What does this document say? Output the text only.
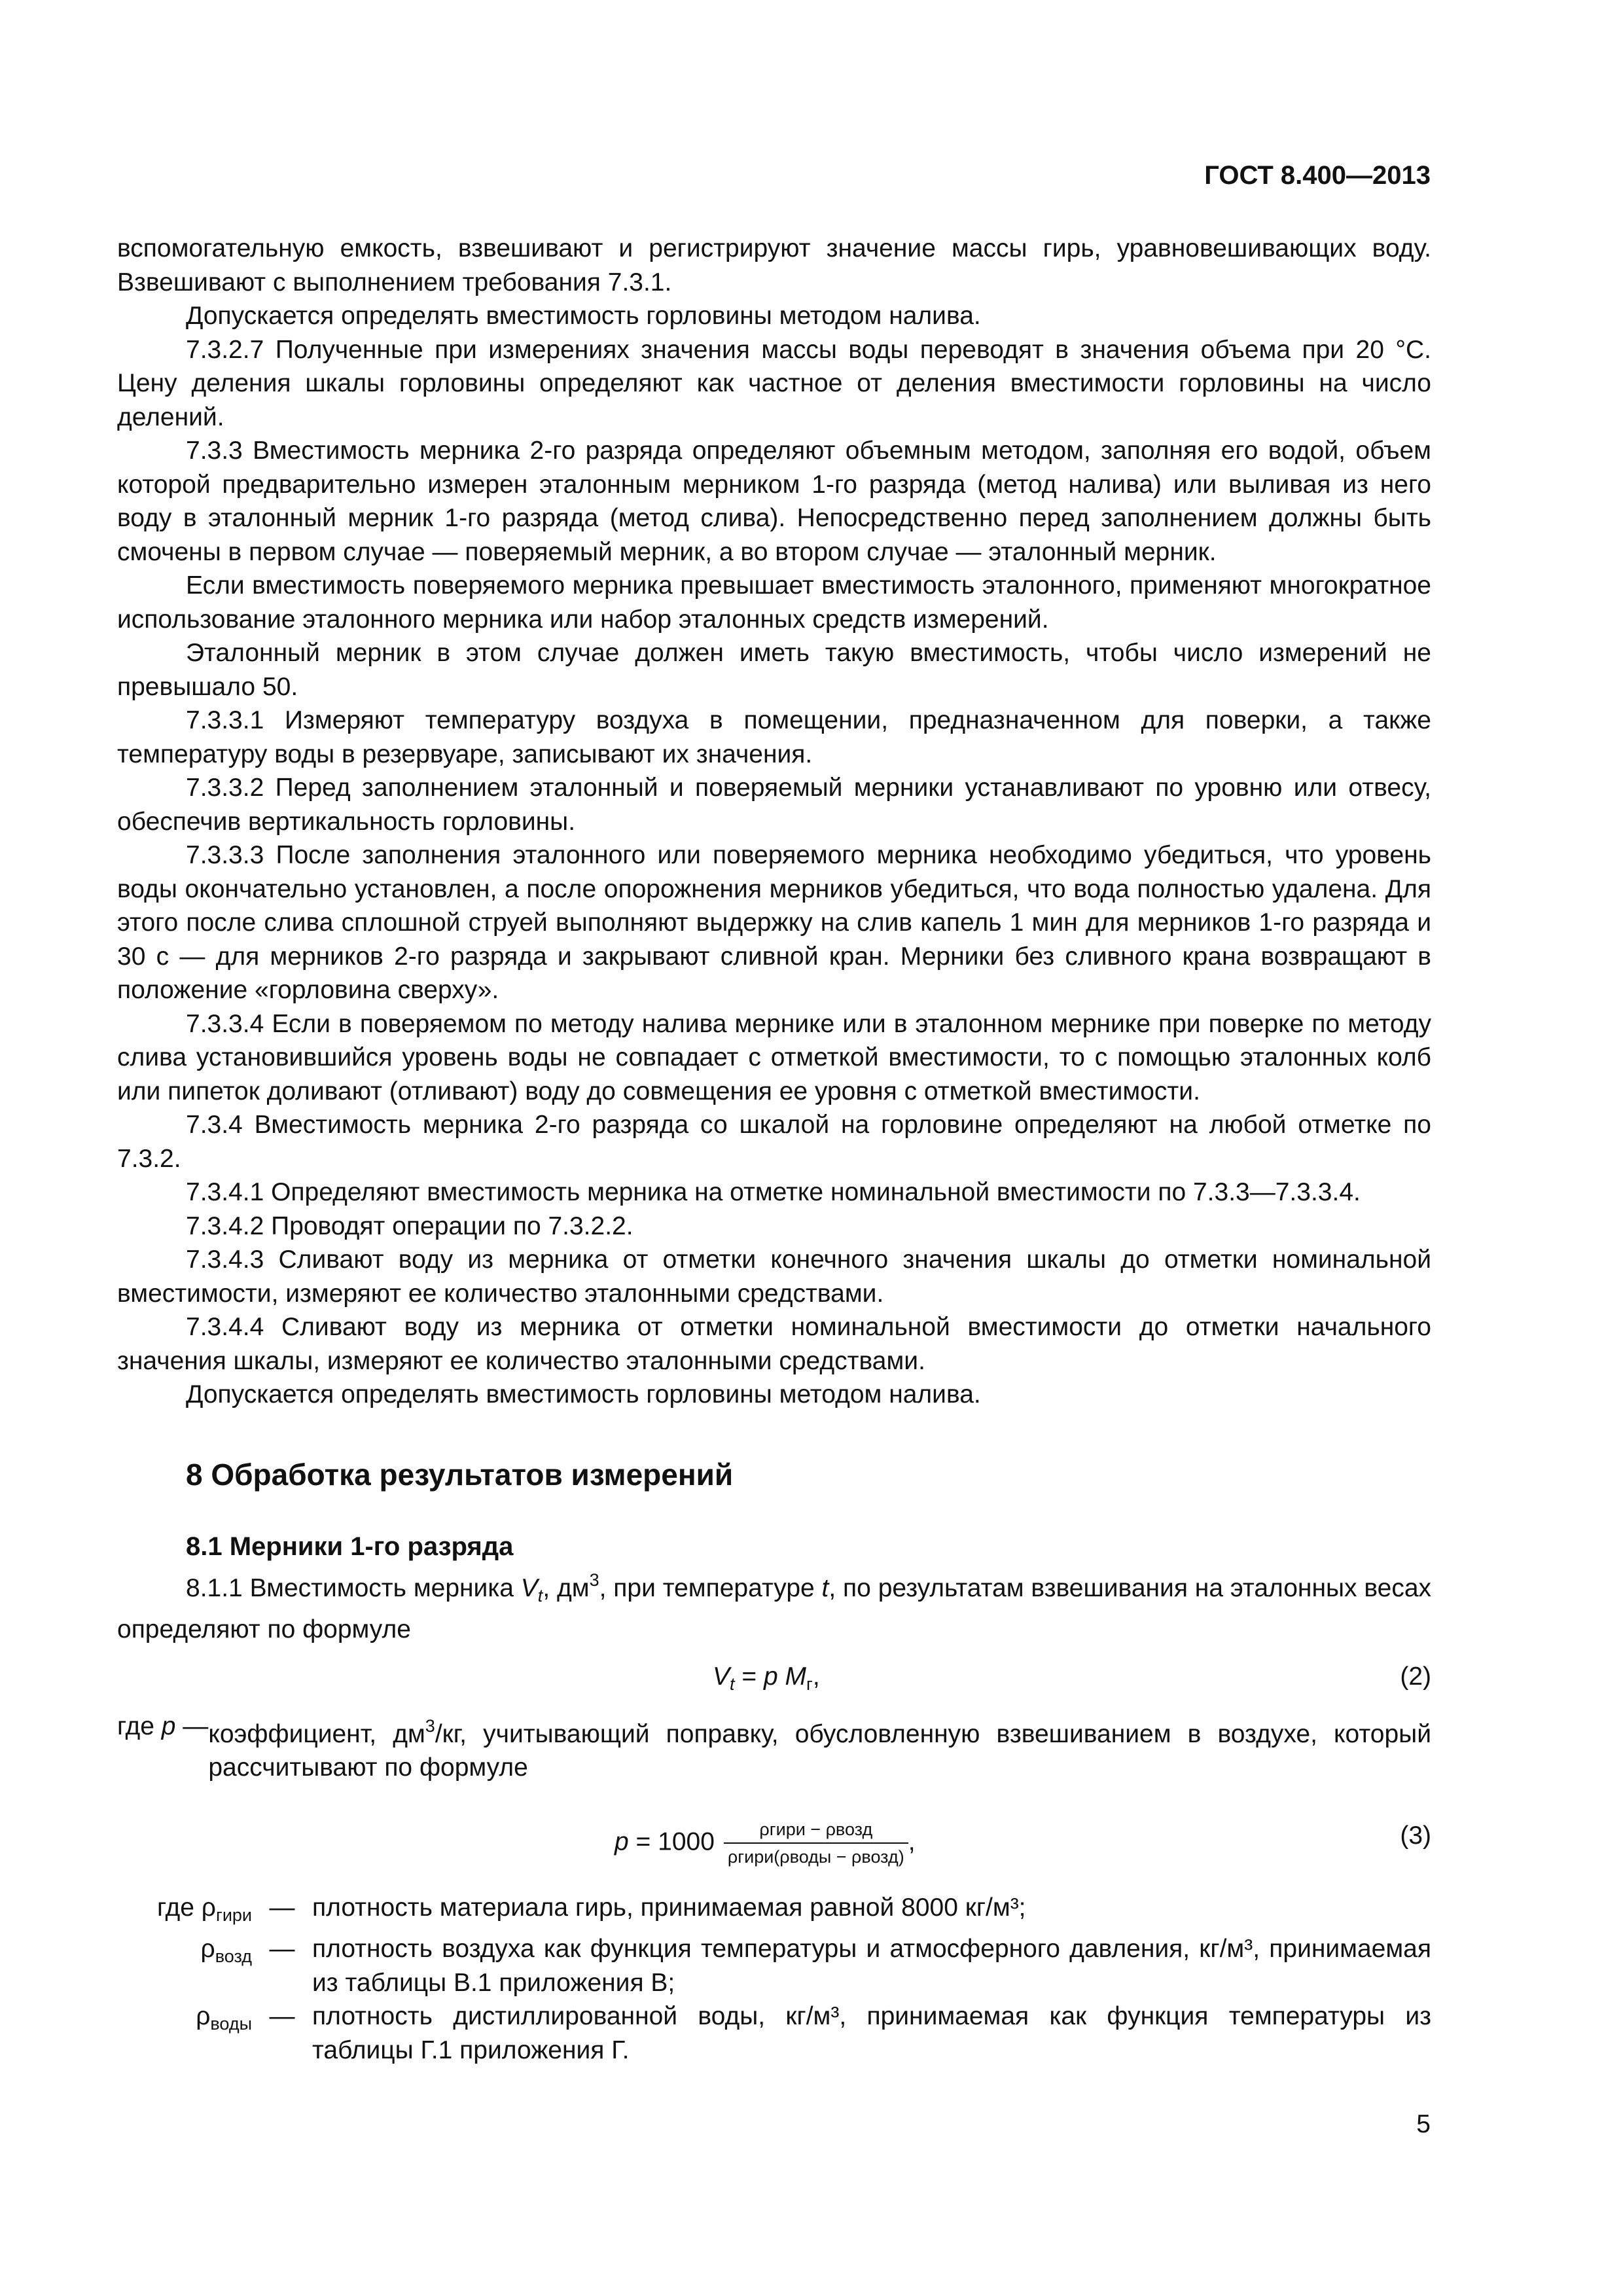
ГОСТ 8.400—2013

вспомогательную емкость, взвешивают и регистрируют значение массы гирь, уравновешивающих воду. Взвешивают с выполнением требования 7.3.1.

Допускается определять вместимость горловины методом налива.

7.3.2.7 Полученные при измерениях значения массы воды переводят в значения объема при 20 °С. Цену деления шкалы горловины определяют как частное от деления вместимости горловины на число делений.

7.3.3 Вместимость мерника 2-го разряда определяют объемным методом, заполняя его водой, объем которой предварительно измерен эталонным мерником 1-го разряда (метод налива) или выливая из него воду в эталонный мерник 1-го разряда (метод слива). Непосредственно перед заполнением должны быть смочены в первом случае — поверяемый мерник, а во втором случае — эталонный мерник.

Если вместимость поверяемого мерника превышает вместимость эталонного, применяют многократное использование эталонного мерника или набор эталонных средств измерений.

Эталонный мерник в этом случае должен иметь такую вместимость, чтобы число измерений не превышало 50.

7.3.3.1 Измеряют температуру воздуха в помещении, предназначенном для поверки, а также температуру воды в резервуаре, записывают их значения.

7.3.3.2 Перед заполнением эталонный и поверяемый мерники устанавливают по уровню или отвесу, обеспечив вертикальность горловины.

7.3.3.3 После заполнения эталонного или поверяемого мерника необходимо убедиться, что уровень воды окончательно установлен, а после опорожнения мерников убедиться, что вода полностью удалена. Для этого после слива сплошной струей выполняют выдержку на слив капель 1 мин для мерников 1-го разряда и 30 с — для мерников 2-го разряда и закрывают сливной кран. Мерники без сливного крана возвращают в положение «горловина сверху».

7.3.3.4 Если в поверяемом по методу налива мернике или в эталонном мернике при поверке по методу слива установившийся уровень воды не совпадает с отметкой вместимости, то с помощью эталонных колб или пипеток доливают (отливают) воду до совмещения ее уровня с отметкой вместимости.

7.3.4 Вместимость мерника 2-го разряда со шкалой на горловине определяют на любой отметке по 7.3.2.

7.3.4.1 Определяют вместимость мерника на отметке номинальной вместимости по 7.3.3—7.3.3.4.

7.3.4.2 Проводят операции по 7.3.2.2.

7.3.4.3 Сливают воду из мерника от отметки конечного значения шкалы до отметки номинальной вместимости, измеряют ее количество эталонными средствами.

7.3.4.4 Сливают воду из мерника от отметки номинальной вместимости до отметки начального значения шкалы, измеряют ее количество эталонными средствами.

Допускается определять вместимость горловины методом налива.

8 Обработка результатов измерений
8.1 Мерники 1-го разряда

8.1.1 Вместимость мерника $V_t$, $дм^3$, при температуре t, по результатам взвешивания на эталонных весах определяют по формуле

$V_t = p$ $M_г$,	(2)
где p — коэффициент, $дм^3/кг$, учитывающий поправку, обусловленную взвешиванием в воздухе, который рассчитывают по формуле
$p = 1000 \frac{\text{ρгири − ρвозд}}{\text{ρгири(ρводы − ρвозд)}}$ ,	(3)
где $\rho_{гири}$ — плотность материала гирь, принимаемая равной 8000 кг/м³;
$\rho_{возд}$ — плотность воздуха как функция температуры и атмосферного давления, кг/м³, принимаемая из таблицы В.1 приложения В;
$\rho_{воды}$ — плотность дистиллированной воды, кг/м³, принимаемая как функция температуры из таблицы Г.1 приложения Г.
5
